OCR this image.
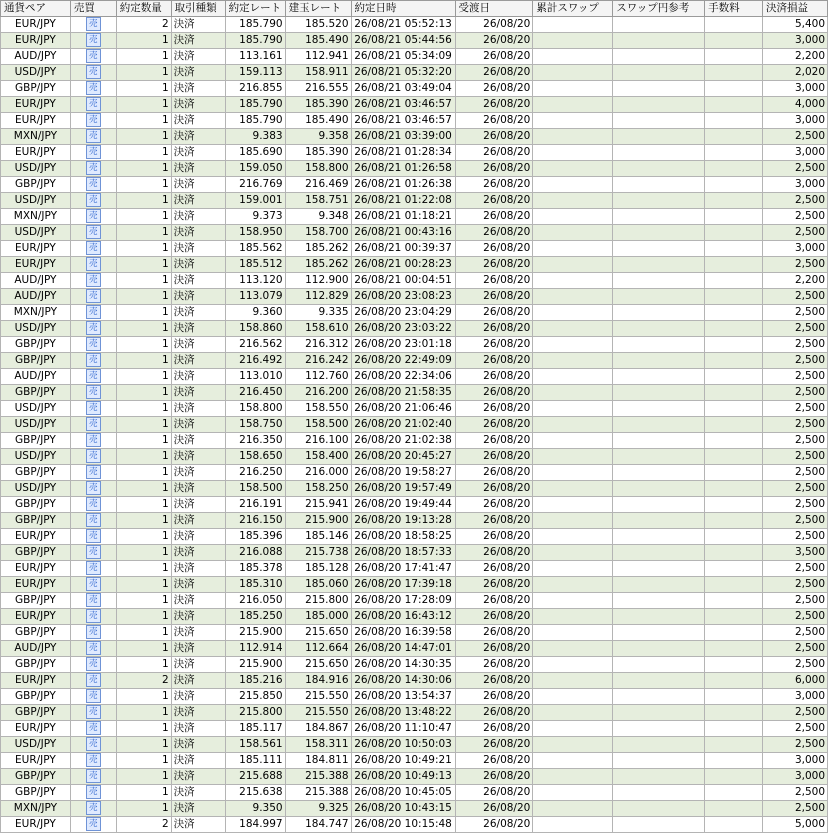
通貨ペア	売買	約定数量	取引種類	約定レート	建玉レート	約定日時	受渡日	累計スワップ	スワップ円参考	手数料	決済損益
EUR/JPY	売	2	決済	185.790	185.520	26/08/21 05:52:13	26/08/20				5,400
EUR/JPY	売	1	決済	185.790	185.490	26/08/21 05:44:56	26/08/20				3,000
AUD/JPY	売	1	決済	113.161	112.941	26/08/21 05:34:09	26/08/20				2,200
USD/JPY	売	1	決済	159.113	158.911	26/08/21 05:32:20	26/08/20				2,020
GBP/JPY	売	1	決済	216.855	216.555	26/08/21 03:49:04	26/08/20				3,000
EUR/JPY	売	1	決済	185.790	185.390	26/08/21 03:46:57	26/08/20				4,000
EUR/JPY	売	1	決済	185.790	185.490	26/08/21 03:46:57	26/08/20				3,000
MXN/JPY	売	1	決済	9.383	9.358	26/08/21 03:39:00	26/08/20				2,500
EUR/JPY	売	1	決済	185.690	185.390	26/08/21 01:28:34	26/08/20				3,000
USD/JPY	売	1	決済	159.050	158.800	26/08/21 01:26:58	26/08/20				2,500
GBP/JPY	売	1	決済	216.769	216.469	26/08/21 01:26:38	26/08/20				3,000
USD/JPY	売	1	決済	159.001	158.751	26/08/21 01:22:08	26/08/20				2,500
MXN/JPY	売	1	決済	9.373	9.348	26/08/21 01:18:21	26/08/20				2,500
USD/JPY	売	1	決済	158.950	158.700	26/08/21 00:43:16	26/08/20				2,500
EUR/JPY	売	1	決済	185.562	185.262	26/08/21 00:39:37	26/08/20				3,000
EUR/JPY	売	1	決済	185.512	185.262	26/08/21 00:28:23	26/08/20				2,500
AUD/JPY	売	1	決済	113.120	112.900	26/08/21 00:04:51	26/08/20				2,200
AUD/JPY	売	1	決済	113.079	112.829	26/08/20 23:08:23	26/08/20				2,500
MXN/JPY	売	1	決済	9.360	9.335	26/08/20 23:04:29	26/08/20				2,500
USD/JPY	売	1	決済	158.860	158.610	26/08/20 23:03:22	26/08/20				2,500
GBP/JPY	売	1	決済	216.562	216.312	26/08/20 23:01:18	26/08/20				2,500
GBP/JPY	売	1	決済	216.492	216.242	26/08/20 22:49:09	26/08/20				2,500
AUD/JPY	売	1	決済	113.010	112.760	26/08/20 22:34:06	26/08/20				2,500
GBP/JPY	売	1	決済	216.450	216.200	26/08/20 21:58:35	26/08/20				2,500
USD/JPY	売	1	決済	158.800	158.550	26/08/20 21:06:46	26/08/20				2,500
USD/JPY	売	1	決済	158.750	158.500	26/08/20 21:02:40	26/08/20				2,500
GBP/JPY	売	1	決済	216.350	216.100	26/08/20 21:02:38	26/08/20				2,500
USD/JPY	売	1	決済	158.650	158.400	26/08/20 20:45:27	26/08/20				2,500
GBP/JPY	売	1	決済	216.250	216.000	26/08/20 19:58:27	26/08/20				2,500
USD/JPY	売	1	決済	158.500	158.250	26/08/20 19:57:49	26/08/20				2,500
GBP/JPY	売	1	決済	216.191	215.941	26/08/20 19:49:44	26/08/20				2,500
GBP/JPY	売	1	決済	216.150	215.900	26/08/20 19:13:28	26/08/20				2,500
EUR/JPY	売	1	決済	185.396	185.146	26/08/20 18:58:25	26/08/20				2,500
GBP/JPY	売	1	決済	216.088	215.738	26/08/20 18:57:33	26/08/20				3,500
EUR/JPY	売	1	決済	185.378	185.128	26/08/20 17:41:47	26/08/20				2,500
EUR/JPY	売	1	決済	185.310	185.060	26/08/20 17:39:18	26/08/20				2,500
GBP/JPY	売	1	決済	216.050	215.800	26/08/20 17:28:09	26/08/20				2,500
EUR/JPY	売	1	決済	185.250	185.000	26/08/20 16:43:12	26/08/20				2,500
GBP/JPY	売	1	決済	215.900	215.650	26/08/20 16:39:58	26/08/20				2,500
AUD/JPY	売	1	決済	112.914	112.664	26/08/20 14:47:01	26/08/20				2,500
GBP/JPY	売	1	決済	215.900	215.650	26/08/20 14:30:35	26/08/20				2,500
EUR/JPY	売	2	決済	185.216	184.916	26/08/20 14:30:06	26/08/20				6,000
GBP/JPY	売	1	決済	215.850	215.550	26/08/20 13:54:37	26/08/20				3,000
GBP/JPY	売	1	決済	215.800	215.550	26/08/20 13:48:22	26/08/20				2,500
EUR/JPY	売	1	決済	185.117	184.867	26/08/20 11:10:47	26/08/20				2,500
USD/JPY	売	1	決済	158.561	158.311	26/08/20 10:50:03	26/08/20				2,500
EUR/JPY	売	1	決済	185.111	184.811	26/08/20 10:49:21	26/08/20				3,000
GBP/JPY	売	1	決済	215.688	215.388	26/08/20 10:49:13	26/08/20				3,000
GBP/JPY	売	1	決済	215.638	215.388	26/08/20 10:45:05	26/08/20				2,500
MXN/JPY	売	1	決済	9.350	9.325	26/08/20 10:43:15	26/08/20				2,500
EUR/JPY	売	2	決済	184.997	184.747	26/08/20 10:15:48	26/08/20				5,000
